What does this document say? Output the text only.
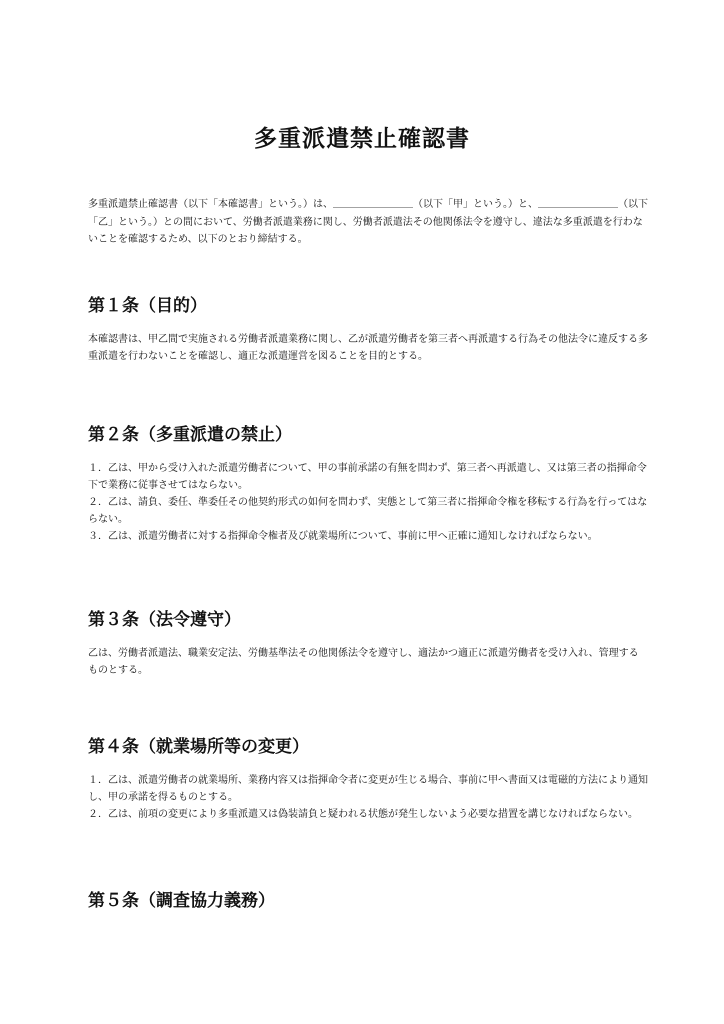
多重派遣禁止確認書

多重派遣禁止確認書（以下「本確認書」という。）は、＿＿＿＿＿＿＿＿（以下「甲」という。）と、＿＿＿＿＿＿＿＿（以下「乙」という。）との間において、労働者派遣業務に関し、労働者派遣法その他関係法令を遵守し、違法な多重派遣を行わないことを確認するため、以下のとおり締結する。

第１条（目的）

本確認書は、甲乙間で実施される労働者派遣業務に関し、乙が派遣労働者を第三者へ再派遣する行為その他法令に違反する多重派遣を行わないことを確認し、適正な派遣運営を図ることを目的とする。

第２条（多重派遣の禁止）

１．乙は、甲から受け入れた派遣労働者について、甲の事前承諾の有無を問わず、第三者へ再派遣し、又は第三者の指揮命令下で業務に従事させてはならない。

２．乙は、請負、委任、準委任その他契約形式の如何を問わず、実態として第三者に指揮命令権を移転する行為を行ってはならない。

３．乙は、派遣労働者に対する指揮命令権者及び就業場所について、事前に甲へ正確に通知しなければならない。

第３条（法令遵守）

乙は、労働者派遣法、職業安定法、労働基準法その他関係法令を遵守し、適法かつ適正に派遣労働者を受け入れ、管理するものとする。

第４条（就業場所等の変更）

１．乙は、派遣労働者の就業場所、業務内容又は指揮命令者に変更が生じる場合、事前に甲へ書面又は電磁的方法により通知し、甲の承諾を得るものとする。

２．乙は、前項の変更により多重派遣又は偽装請負と疑われる状態が発生しないよう必要な措置を講じなければならない。

第５条（調査協力義務）
